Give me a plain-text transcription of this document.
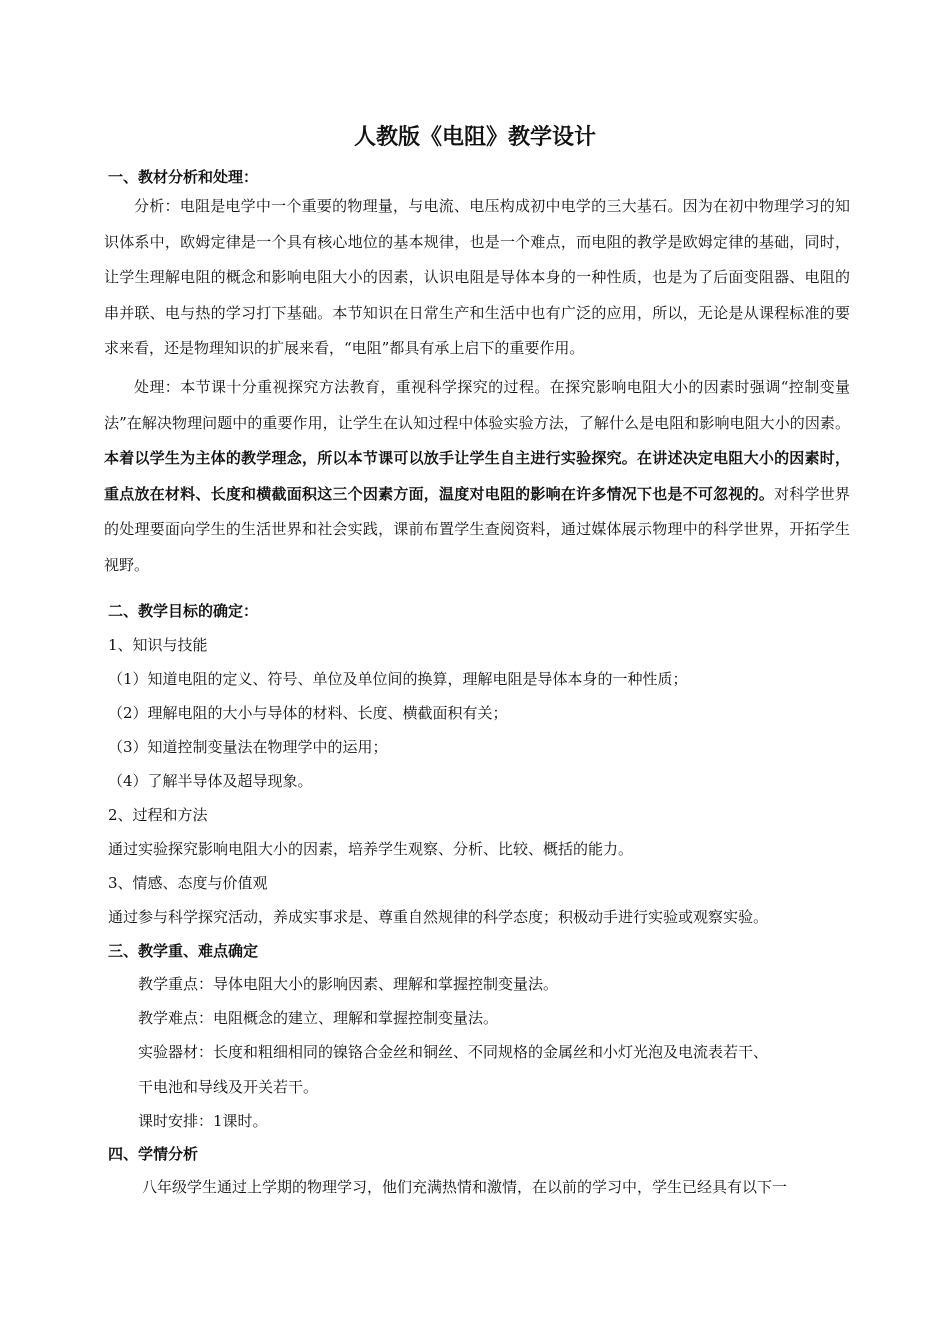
人教版《电阻》教学设计
一、教材分析和处理：

分析：电阻是电学中一个重要的物理量，与电流、电压构成初中电学的三大基石。因为在初中物理学习的知识体系中，欧姆定律是一个具有核心地位的基本规律，也是一个难点，而电阻的教学是欧姆定律的基础，同时，让学生理解电阻的概念和影响电阻大小的因素，认识电阻是导体本身的一种性质，也是为了后面变阻器、电阻的串并联、电与热的学习打下基础。本节知识在日常生产和生活中也有广泛的应用，所以，无论是从课程标准的要求来看，还是物理知识的扩展来看，“电阻”都具有承上启下的重要作用。

处理：本节课十分重视探究方法教育，重视科学探究的过程。在探究影响电阻大小的因素时强调“控制变量法”在解决物理问题中的重要作用，让学生在认知过程中体验实验方法，了解什么是电阻和影响电阻大小的因素。本着以学生为主体的教学理念，所以本节课可以放手让学生自主进行实验探究。在讲述决定电阻大小的因素时，重点放在材料、长度和横截面积这三个因素方面，温度对电阻的影响在许多情况下也是不可忽视的。对科学世界的处理要面向学生的生活世界和社会实践，课前布置学生查阅资料，通过媒体展示物理中的科学世界，开拓学生视野。

二、教学目标的确定：
1、知识与技能
（1）知道电阻的定义、符号、单位及单位间的换算，理解电阻是导体本身的一种性质；
（2）理解电阻的大小与导体的材料、长度、横截面积有关；
（3）知道控制变量法在物理学中的运用；
（4）了解半导体及超导现象。
2、过程和方法
通过实验探究影响电阻大小的因素，培养学生观察、分析、比较、概括的能力。
3、情感、态度与价值观
通过参与科学探究活动，养成实事求是、尊重自然规律的科学态度；积极动手进行实验或观察实验。
三、教学重、难点确定
教学重点：导体电阻大小的影响因素、理解和掌握控制变量法。
教学难点：电阻概念的建立、理解和掌握控制变量法。
实验器材：长度和粗细相同的镍铬合金丝和铜丝、不同规格的金属丝和小灯光泡及电流表若干、
干电池和导线及开关若干。
课时安排：1课时。
四、学情分析
八年级学生通过上学期的物理学习，他们充满热情和激情，在以前的学习中，学生已经具有以下一
